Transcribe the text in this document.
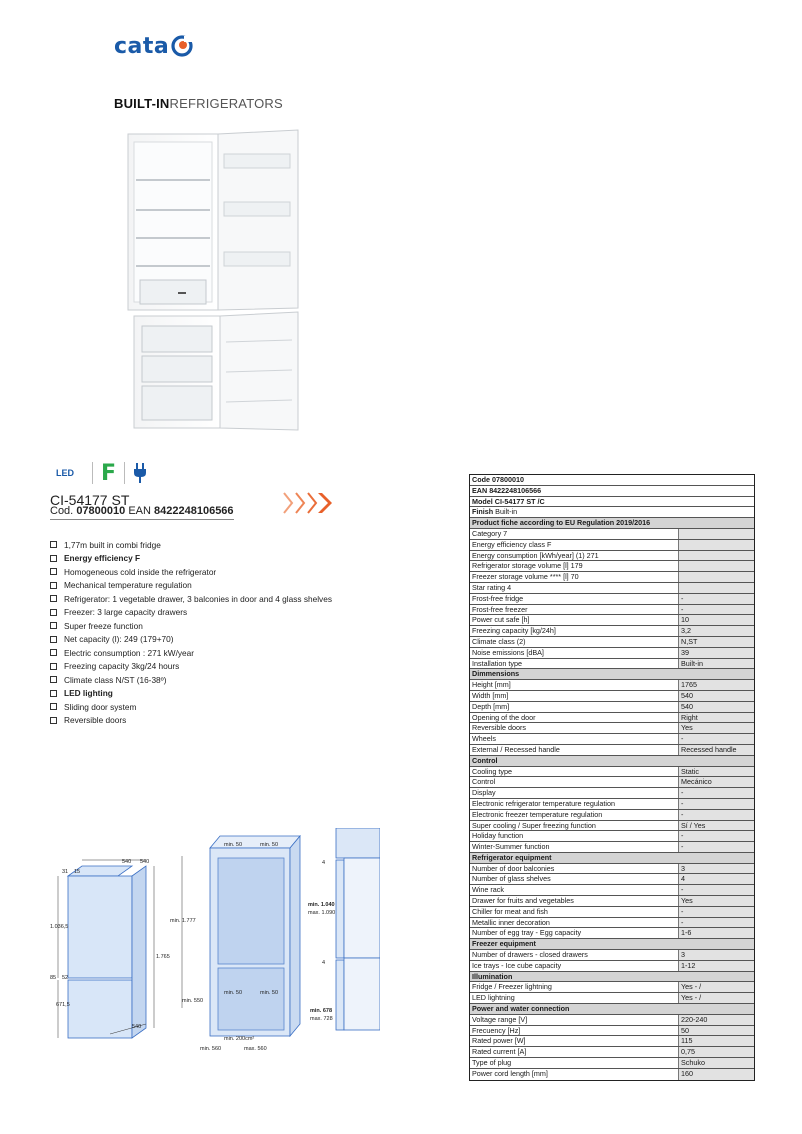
cata
BUILT-INREFRIGERATORS
LED	F
CI-54177 ST
Cod. 07800010 EAN 8422248106566
1,77m built in combi fridge
Energy efficiency F
Homogeneous cold inside the refrigerator
Mechanical temperature regulation
Refrigerator: 1 vegetable drawer, 3 balconies in door and 4 glass shelves
Freezer: 3 large capacity drawers
Super freeze function
Net capacity (l): 249 (179+70)
Electric consumption : 271 kW/year
Freezing capacity 3kg/24 hours
Climate class N/ST (16-38º)
LED lighting
Sliding door system
Reversible doors
31 15
540 540
1.036,5
1.765
85 52
671,5
540
min. 50	min. 50
min. 1.777
min. 50	min. 50
min. 550
min. 200cm²
min. 560	max. 560
4
min. 1.040
max. 1.090
4
min. 678
max. 728
Code 07800010
EAN 8422248106566
Model CI-54177 ST /C
Finish Built-in
Product fiche according to EU Regulation 2019/2016
Category 7
Energy efficiency class F
Energy consumption [kWh/year] (1) 271
Refrigerator storage volume [l] 179
Freezer storage volume **** [l] 70
Star rating 4
Frost-free fridge	-
Frost-free freezer	-
Power cut safe [h]	10
Freezing capacity [kg/24h]	3,2
Climate class (2)	N,ST
Noise emissions [dBA]	39
Installation type	Built-in
Dimmensions
Height [mm]	1765
Width [mm]	540
Depth [mm]	540
Opening of the door	Right
Reversible doors	Yes
Wheels	-
External / Recessed handle	Recessed handle
Control
Cooling type	Static
Control	Mecánico
Display	-
Electronic refrigerator temperature regulation	-
Electronic freezer temperature regulation	-
Super cooling / Super freezing function	Sí / Yes
Holiday function	-
Winter-Summer function	-
Refrigerator equipment
Number of door balconies	3
Number of glass shelves	4
Wine rack	-
Drawer for fruits and vegetables	Yes
Chiller for meat and fish	-
Metallic inner decoration	-
Number of egg tray - Egg capacity	1-6
Freezer equipment
Number of drawers - closed drawers	3
Ice trays - Ice cube capacity	1-12
Illumination
Fridge / Freezer lightning	Yes - /
LED lightning	Yes - /
Power and water connection
Voltage range [V]	220-240
Frecuency [Hz]	50
Rated power [W]	115
Rated current [A]	0,75
Type of plug	Schuko
Power cord length [mm]	160
